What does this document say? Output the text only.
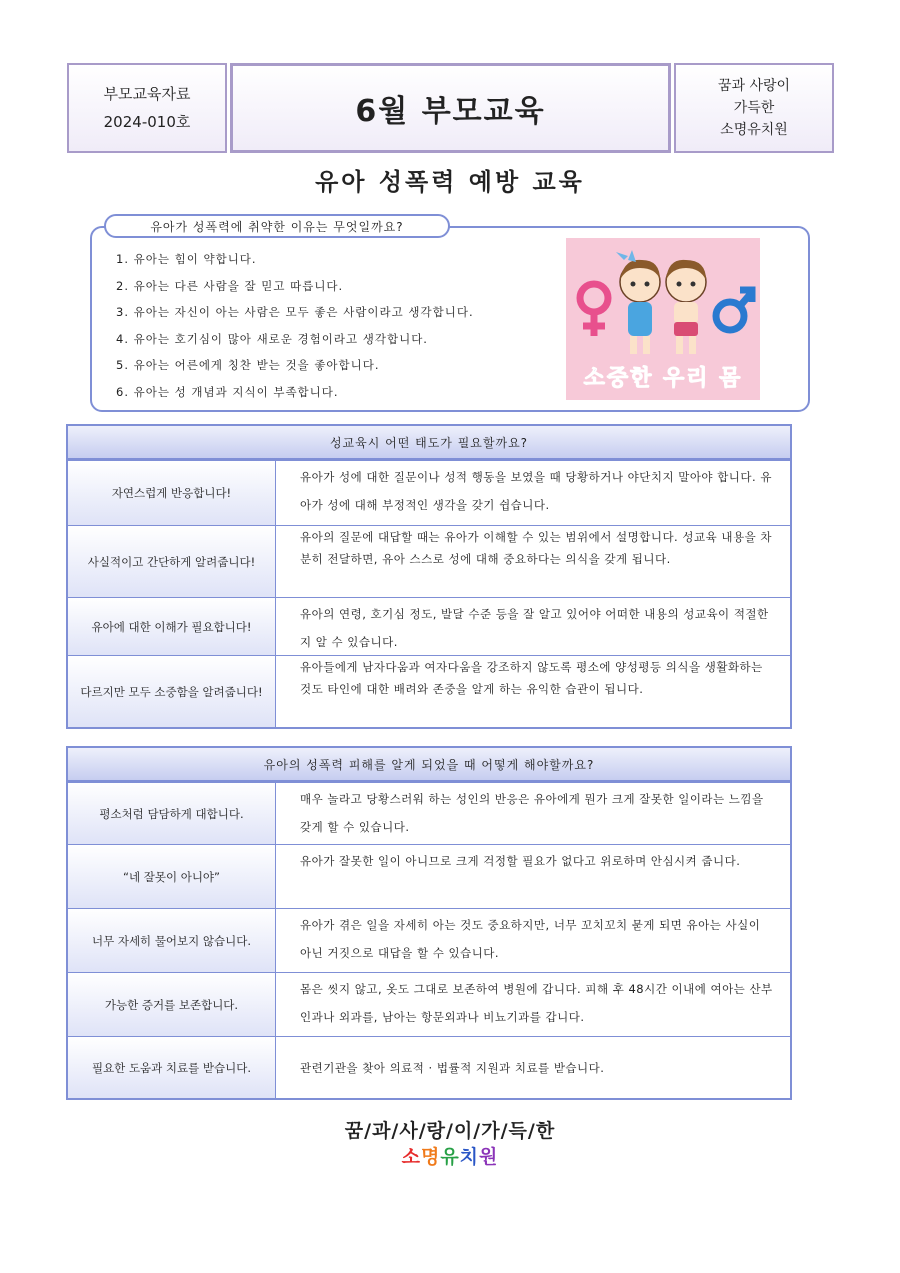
부모교육자료
2024-010호	6월 부모교육
꿈과 사랑이
가득한
소명유치원
유아 성폭력 예방 교육
1. 유아는 힘이 약합니다.
2. 유아는 다른 사람을 잘 믿고 따릅니다.
3. 유아는 자신이 아는 사람은 모두 좋은 사람이라고 생각합니다.
4. 유아는 호기심이 많아 새로운 경험이라고 생각합니다.
5. 유아는 어른에게 칭찬 받는 것을 좋아합니다.
6. 유아는 성 개념과 지식이 부족합니다.
유아가 성폭력에 취약한 이유는 무엇일까요?
소중한 우리 몸
성교육시 어떤 태도가 필요할까요?
자연스럽게 반응합니다!
유아가 성에 대한 질문이나 성적 행동을 보였을 때 당황하거나 야단치지 말아야 합니다. 유아가 성에 대해 부정적인 생각을 갖기 쉽습니다.
사실적이고 간단하게 알려줍니다!
유아의 질문에 대답할 때는 유아가 이해할 수 있는 범위에서 설명합니다. 성교육 내용을 차분히 전달하면, 유아 스스로 성에 대해 중요하다는 의식을 갖게 됩니다.
유아에 대한 이해가 필요합니다!
유아의 연령, 호기심 정도, 발달 수준 등을 잘 알고 있어야 어떠한 내용의 성교육이 적절한지 알 수 있습니다.
다르지만 모두 소중함을 알려줍니다!
유아들에게 남자다움과 여자다움을 강조하지 않도록 평소에 양성평등 의식을 생활화하는 것도 타인에 대한 배려와 존중을 알게 하는 유익한 습관이 됩니다.
유아의 성폭력 피해를 알게 되었을 때 어떻게 해야할까요?
평소처럼 담담하게 대합니다.
매우 놀라고 당황스러워 하는 성인의 반응은 유아에게 뭔가 크게 잘못한 일이라는 느낌을 갖게 할 수 있습니다.
“네 잘못이 아니야”
유아가 잘못한 일이 아니므로 크게 걱정할 필요가 없다고 위로하며 안심시켜 줍니다.
너무 자세히 물어보지 않습니다.
유아가 겪은 일을 자세히 아는 것도 중요하지만, 너무 꼬치꼬치 묻게 되면 유아는 사실이 아닌 거짓으로 대답을 할 수 있습니다.
가능한 증거를 보존합니다.
몸은 씻지 않고, 옷도 그대로 보존하여 병원에 갑니다. 피해 후 48시간 이내에 여아는 산부인과나 외과를, 남아는 항문외과나 비뇨기과를 갑니다.
필요한 도움과 치료를 받습니다.	관련기관을 찾아 의료적 · 법률적 지원과 치료를 받습니다.
꿈/과/사/랑/이/가/득/한
소명유치원
